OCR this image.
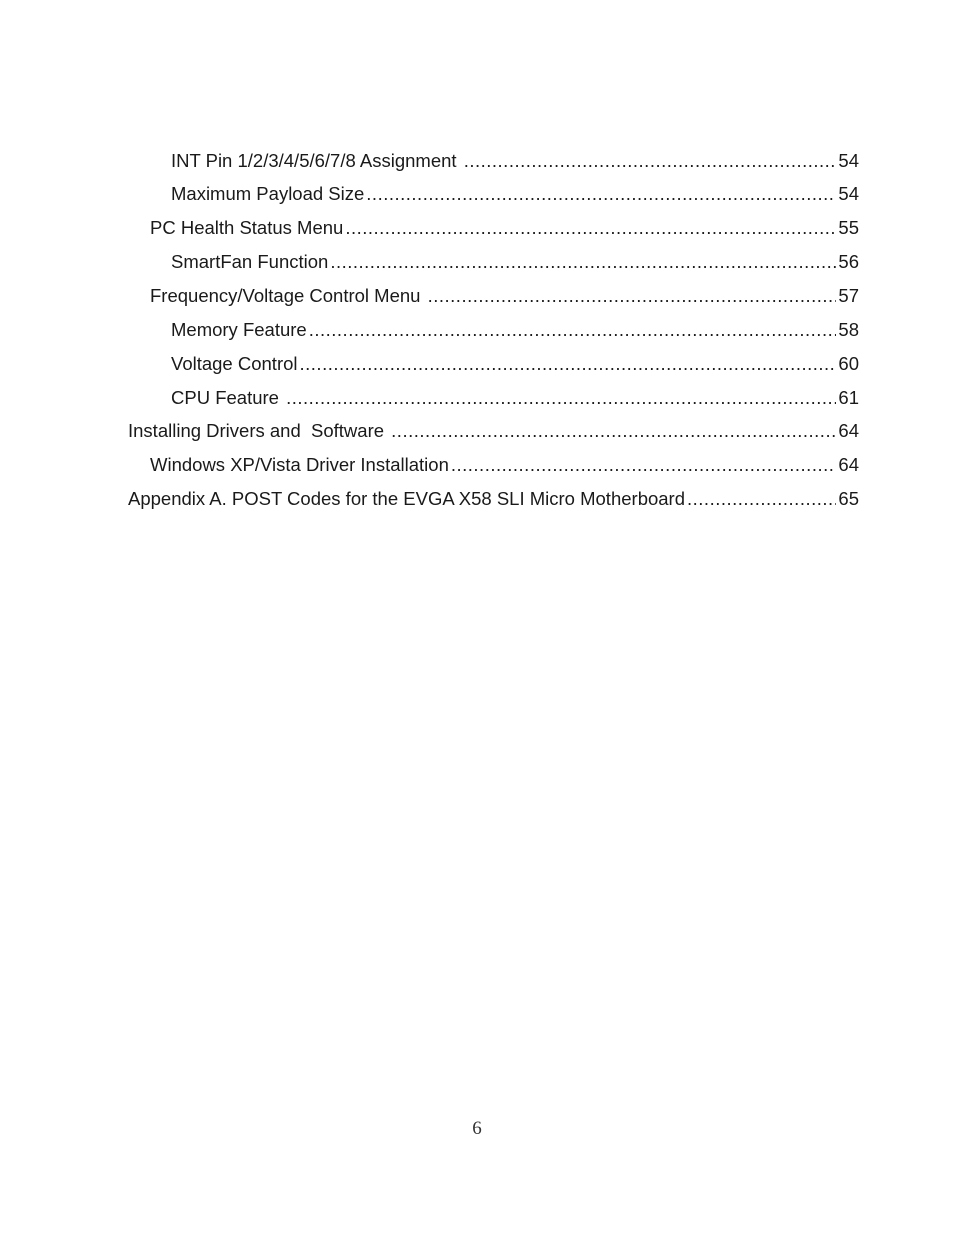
INT Pin 1/2/3/4/5/6/7/8 Assignment .....	54
Maximum Payload Size .....	54
PC Health Status Menu .....	55
SmartFan Function .....	56
Frequency/Voltage Control Menu .....	57
Memory Feature .....	58
Voltage Control .....	60
CPU Feature .....	61
Installing Drivers and  Software .....	64
Windows XP/Vista Driver Installation .....	64
Appendix A. POST Codes for the EVGA X58 SLI Micro Motherboard .....	65
6
